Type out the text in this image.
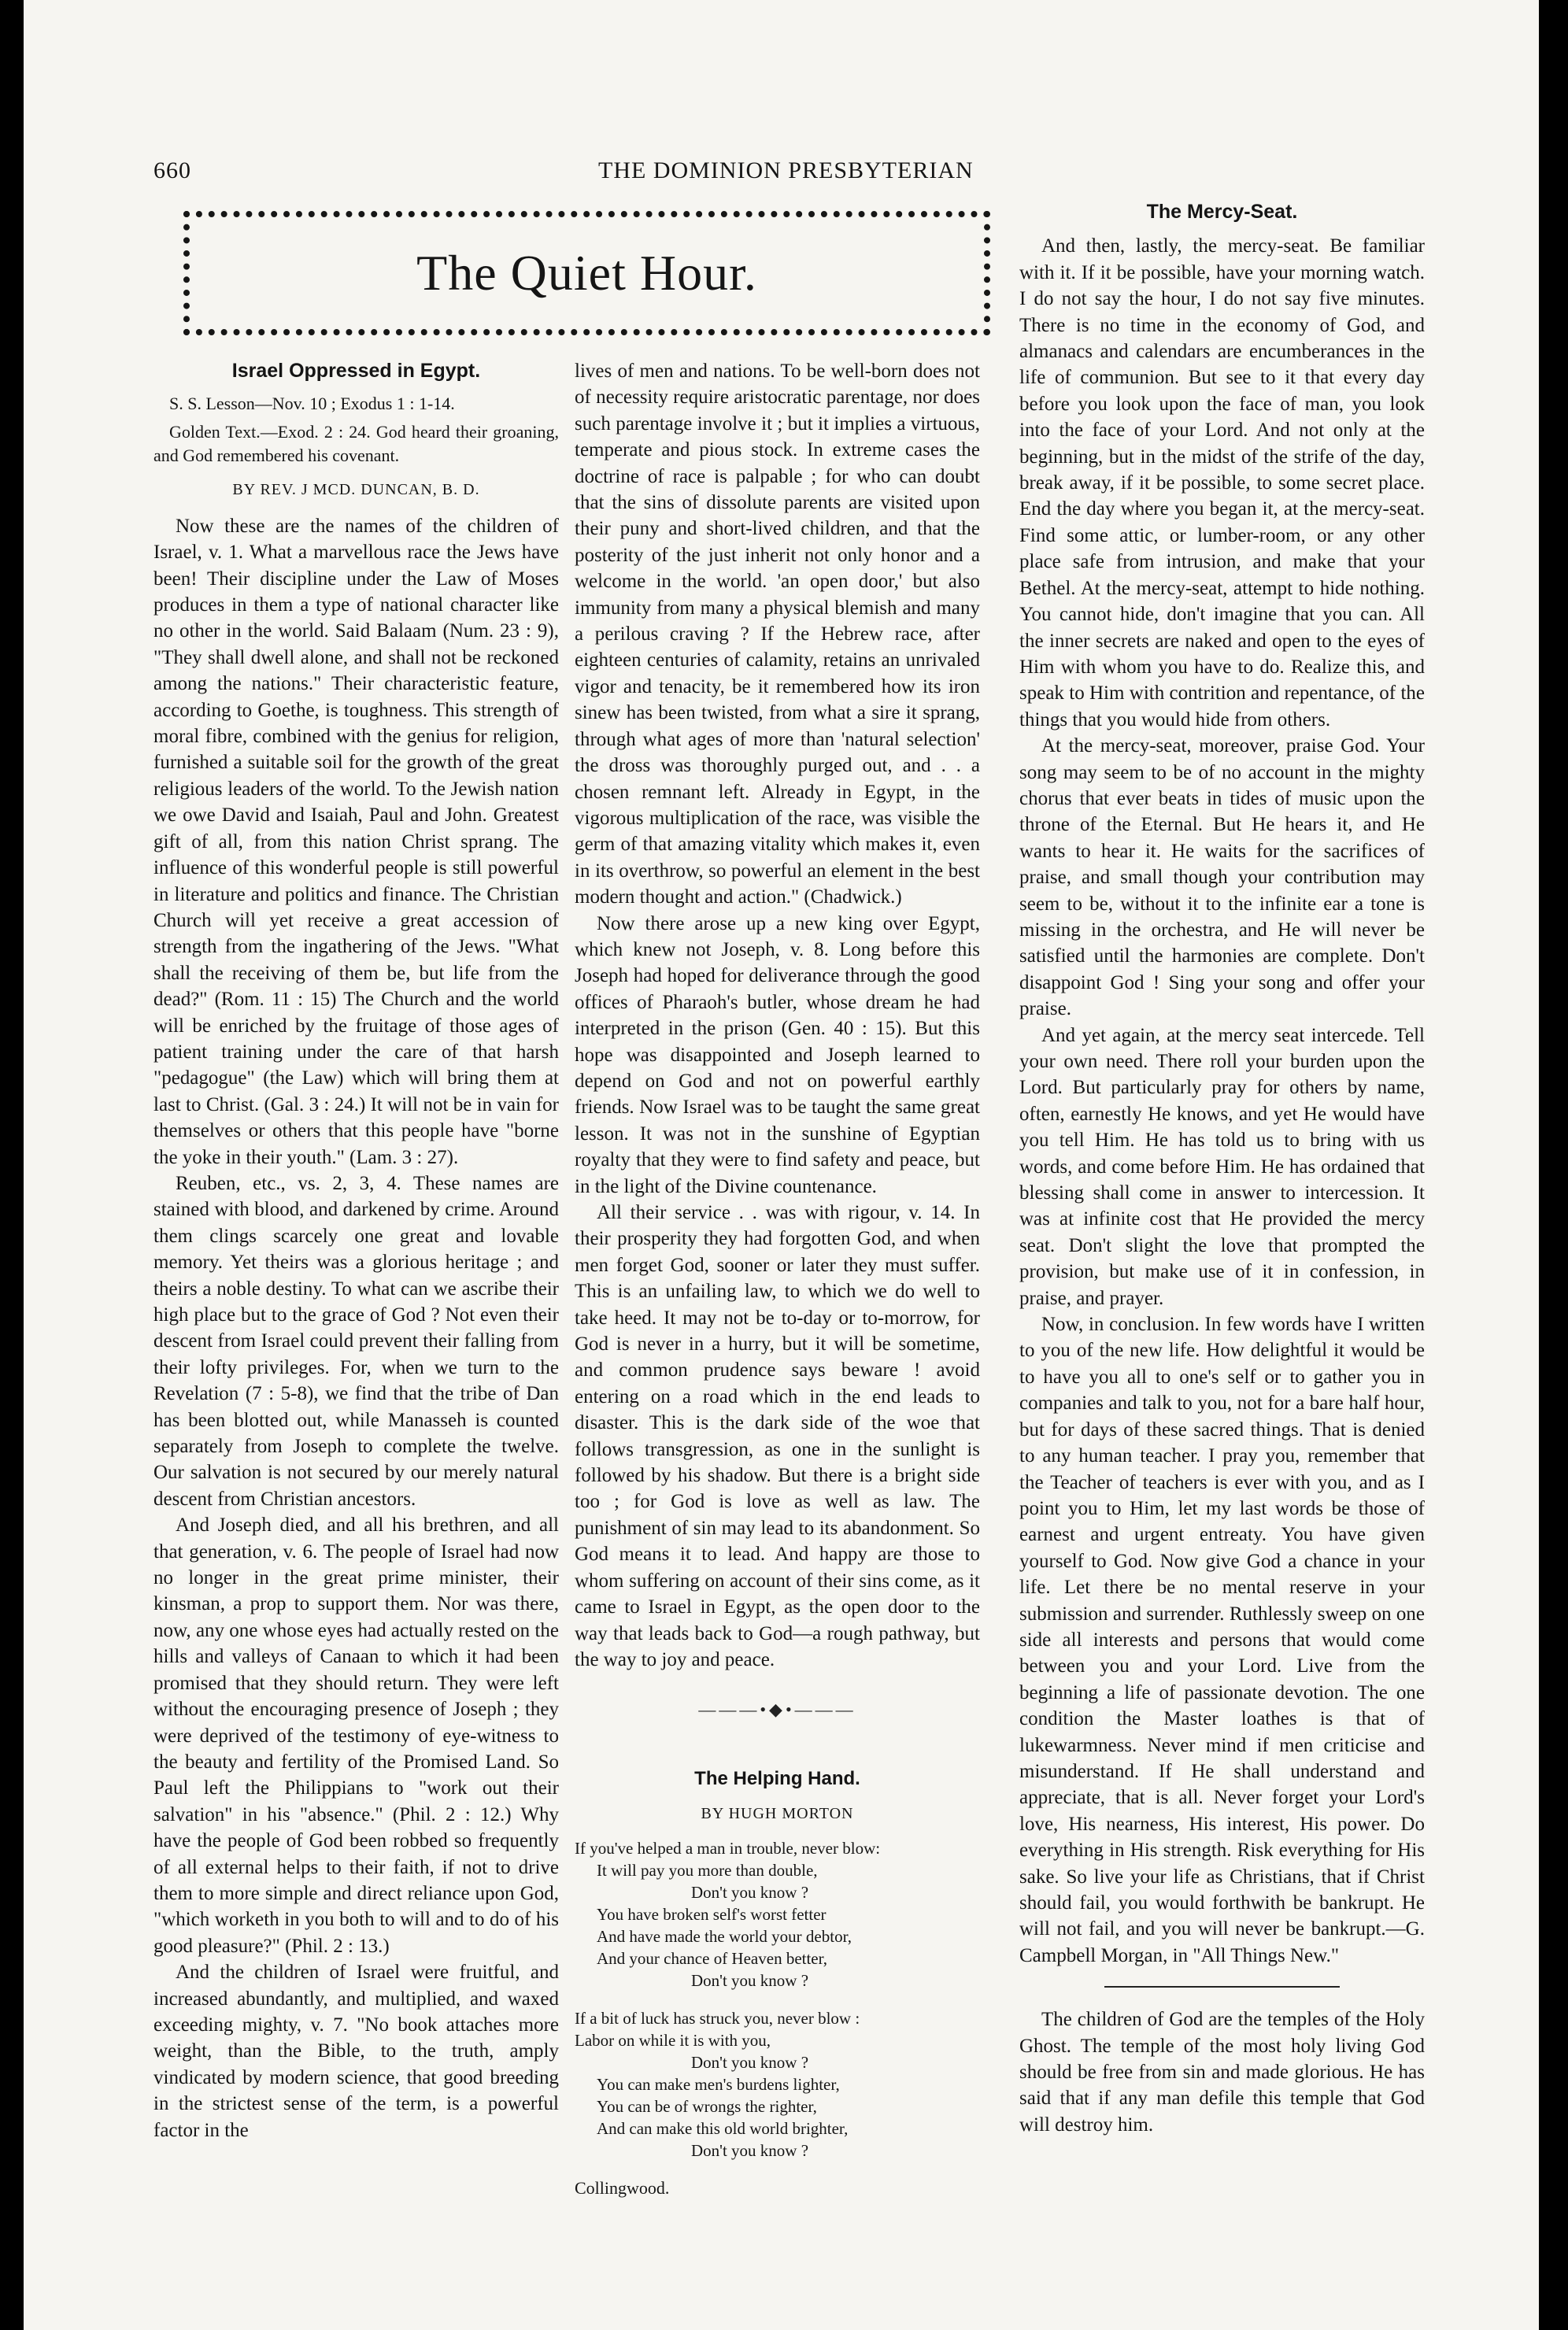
660	THE DOMINION PRESBYTERIAN
The Quiet Hour.
Israel Oppressed in Egypt.

S. S. Lesson—Nov. 10 ; Exodus 1 : 1-14.

Golden Text.—Exod. 2 : 24. God heard their groaning, and God remembered his covenant.

BY REV. J MCD. DUNCAN, B. D.

Now these are the names of the children of Israel, v. 1. What a marvellous race the Jews have been! Their discipline under the Law of Moses produces in them a type of national character like no other in the world. Said Balaam (Num. 23 : 9), "They shall dwell alone, and shall not be reckoned among the nations." Their characteristic feature, according to Goethe, is toughness. This strength of moral fibre, combined with the genius for religion, furnished a suitable soil for the growth of the great religious leaders of the world. To the Jewish nation we owe David and Isaiah, Paul and John. Greatest gift of all, from this nation Christ sprang. The influence of this wonderful people is still powerful in literature and politics and finance. The Christian Church will yet receive a great accession of strength from the ingathering of the Jews. "What shall the receiving of them be, but life from the dead?" (Rom. 11 : 15) The Church and the world will be enriched by the fruitage of those ages of patient training under the care of that harsh "pedagogue" (the Law) which will bring them at last to Christ. (Gal. 3 : 24.) It will not be in vain for themselves or others that this people have "borne the yoke in their youth." (Lam. 3 : 27).

Reuben, etc., vs. 2, 3, 4. These names are stained with blood, and darkened by crime. Around them clings scarcely one great and lovable memory. Yet theirs was a glorious heritage ; and theirs a noble destiny. To what can we ascribe their high place but to the grace of God ? Not even their descent from Israel could prevent their falling from their lofty privileges. For, when we turn to the Revelation (7 : 5-8), we find that the tribe of Dan has been blotted out, while Manasseh is counted separately from Joseph to complete the twelve. Our salvation is not secured by our merely natural descent from Christian ancestors.

And Joseph died, and all his brethren, and all that generation, v. 6. The people of Israel had now no longer in the great prime minister, their kinsman, a prop to support them. Nor was there, now, any one whose eyes had actually rested on the hills and valleys of Canaan to which it had been promised that they should return. They were left without the encouraging presence of Joseph ; they were deprived of the testimony of eye-witness to the beauty and fertility of the Promised Land. So Paul left the Philippians to "work out their salvation" in his "absence." (Phil. 2 : 12.) Why have the people of God been robbed so frequently of all external helps to their faith, if not to drive them to more simple and direct reliance upon God, "which worketh in you both to will and to do of his good pleasure?" (Phil. 2 : 13.)

And the children of Israel were fruitful, and increased abundantly, and multiplied, and waxed exceeding mighty, v. 7. "No book attaches more weight, than the Bible, to the truth, amply vindicated by modern science, that good breeding in the strictest sense of the term, is a powerful factor in the

lives of men and nations. To be well-born does not of necessity require aristocratic parentage, nor does such parentage involve it ; but it implies a virtuous, temperate and pious stock. In extreme cases the doctrine of race is palpable ; for who can doubt that the sins of dissolute parents are visited upon their puny and short-lived children, and that the posterity of the just inherit not only honor and a welcome in the world. 'an open door,' but also immunity from many a physical blemish and many a perilous craving ? If the Hebrew race, after eighteen centuries of calamity, retains an unrivaled vigor and tenacity, be it remembered how its iron sinew has been twisted, from what a sire it sprang, through what ages of more than 'natural selection' the dross was thoroughly purged out, and . . a chosen remnant left. Already in Egypt, in the vigorous multiplication of the race, was visible the germ of that amazing vitality which makes it, even in its overthrow, so powerful an element in the best modern thought and action." (Chadwick.)

Now there arose up a new king over Egypt, which knew not Joseph, v. 8. Long before this Joseph had hoped for deliverance through the good offices of Pharaoh's butler, whose dream he had interpreted in the prison (Gen. 40 : 15). But this hope was disappointed and Joseph learned to depend on God and not on powerful earthly friends. Now Israel was to be taught the same great lesson. It was not in the sunshine of Egyptian royalty that they were to find safety and peace, but in the light of the Divine countenance.

All their service . . was with rigour, v. 14. In their prosperity they had forgotten God, and when men forget God, sooner or later they must suffer. This is an unfailing law, to which we do well to take heed. It may not be to-day or to-morrow, for God is never in a hurry, but it will be sometime, and common prudence says beware ! avoid entering on a road which in the end leads to disaster. This is the dark side of the woe that follows transgression, as one in the sunlight is followed by his shadow. But there is a bright side too ; for God is love as well as law. The punishment of sin may lead to its abandonment. So God means it to lead. And happy are those to whom suffering on account of their sins come, as it came to Israel in Egypt, as the open door to the way that leads back to God—a rough pathway, but the way to joy and peace.

———•◆•———
The Helping Hand.
BY HUGH MORTON
If you've helped a man in trouble, never blow:
It will pay you more than double,
Don't you know ?
You have broken self's worst fetter
And have made the world your debtor,
And your chance of Heaven better,
Don't you know ?
If a bit of luck has struck you, never blow :
Labor on while it is with you,
Don't you know ?
You can make men's burdens lighter,
You can be of wrongs the righter,
And can make this old world brighter,
Don't you know ?
Collingwood.
The Mercy-Seat.

And then, lastly, the mercy-seat. Be familiar with it. If it be possible, have your morning watch. I do not say the hour, I do not say five minutes. There is no time in the economy of God, and almanacs and calendars are encumberances in the life of communion. But see to it that every day before you look upon the face of man, you look into the face of your Lord. And not only at the beginning, but in the midst of the strife of the day, break away, if it be possible, to some secret place. End the day where you began it, at the mercy-seat. Find some attic, or lumber-room, or any other place safe from intrusion, and make that your Bethel. At the mercy-seat, attempt to hide nothing. You cannot hide, don't imagine that you can. All the inner secrets are naked and open to the eyes of Him with whom you have to do. Realize this, and speak to Him with contrition and repentance, of the things that you would hide from others.

At the mercy-seat, moreover, praise God. Your song may seem to be of no account in the mighty chorus that ever beats in tides of music upon the throne of the Eternal. But He hears it, and He wants to hear it. He waits for the sacrifices of praise, and small though your contribution may seem to be, without it to the infinite ear a tone is missing in the orchestra, and He will never be satisfied until the harmonies are complete. Don't disappoint God ! Sing your song and offer your praise.

And yet again, at the mercy seat intercede. Tell your own need. There roll your burden upon the Lord. But particularly pray for others by name, often, earnestly He knows, and yet He would have you tell Him. He has told us to bring with us words, and come before Him. He has ordained that blessing shall come in answer to intercession. It was at infinite cost that He provided the mercy seat. Don't slight the love that prompted the provision, but make use of it in confession, in praise, and prayer.

Now, in conclusion. In few words have I written to you of the new life. How delightful it would be to have you all to one's self or to gather you in companies and talk to you, not for a bare half hour, but for days of these sacred things. That is denied to any human teacher. I pray you, remember that the Teacher of teachers is ever with you, and as I point you to Him, let my last words be those of earnest and urgent entreaty. You have given yourself to God. Now give God a chance in your life. Let there be no mental reserve in your submission and surrender. Ruthlessly sweep on one side all interests and persons that would come between you and your Lord. Live from the beginning a life of passionate devotion. The one condition the Master loathes is that of lukewarmness. Never mind if men criticise and misunderstand. If He shall understand and appreciate, that is all. Never forget your Lord's love, His nearness, His interest, His power. Do everything in His strength. Risk everything for His sake. So live your life as Christians, that if Christ should fail, you would forthwith be bankrupt. He will not fail, and you will never be bankrupt.—G. Campbell Morgan, in "All Things New."

The children of God are the temples of the Holy Ghost. The temple of the most holy living God should be free from sin and made glorious. He has said that if any man defile this temple that God will destroy him.
